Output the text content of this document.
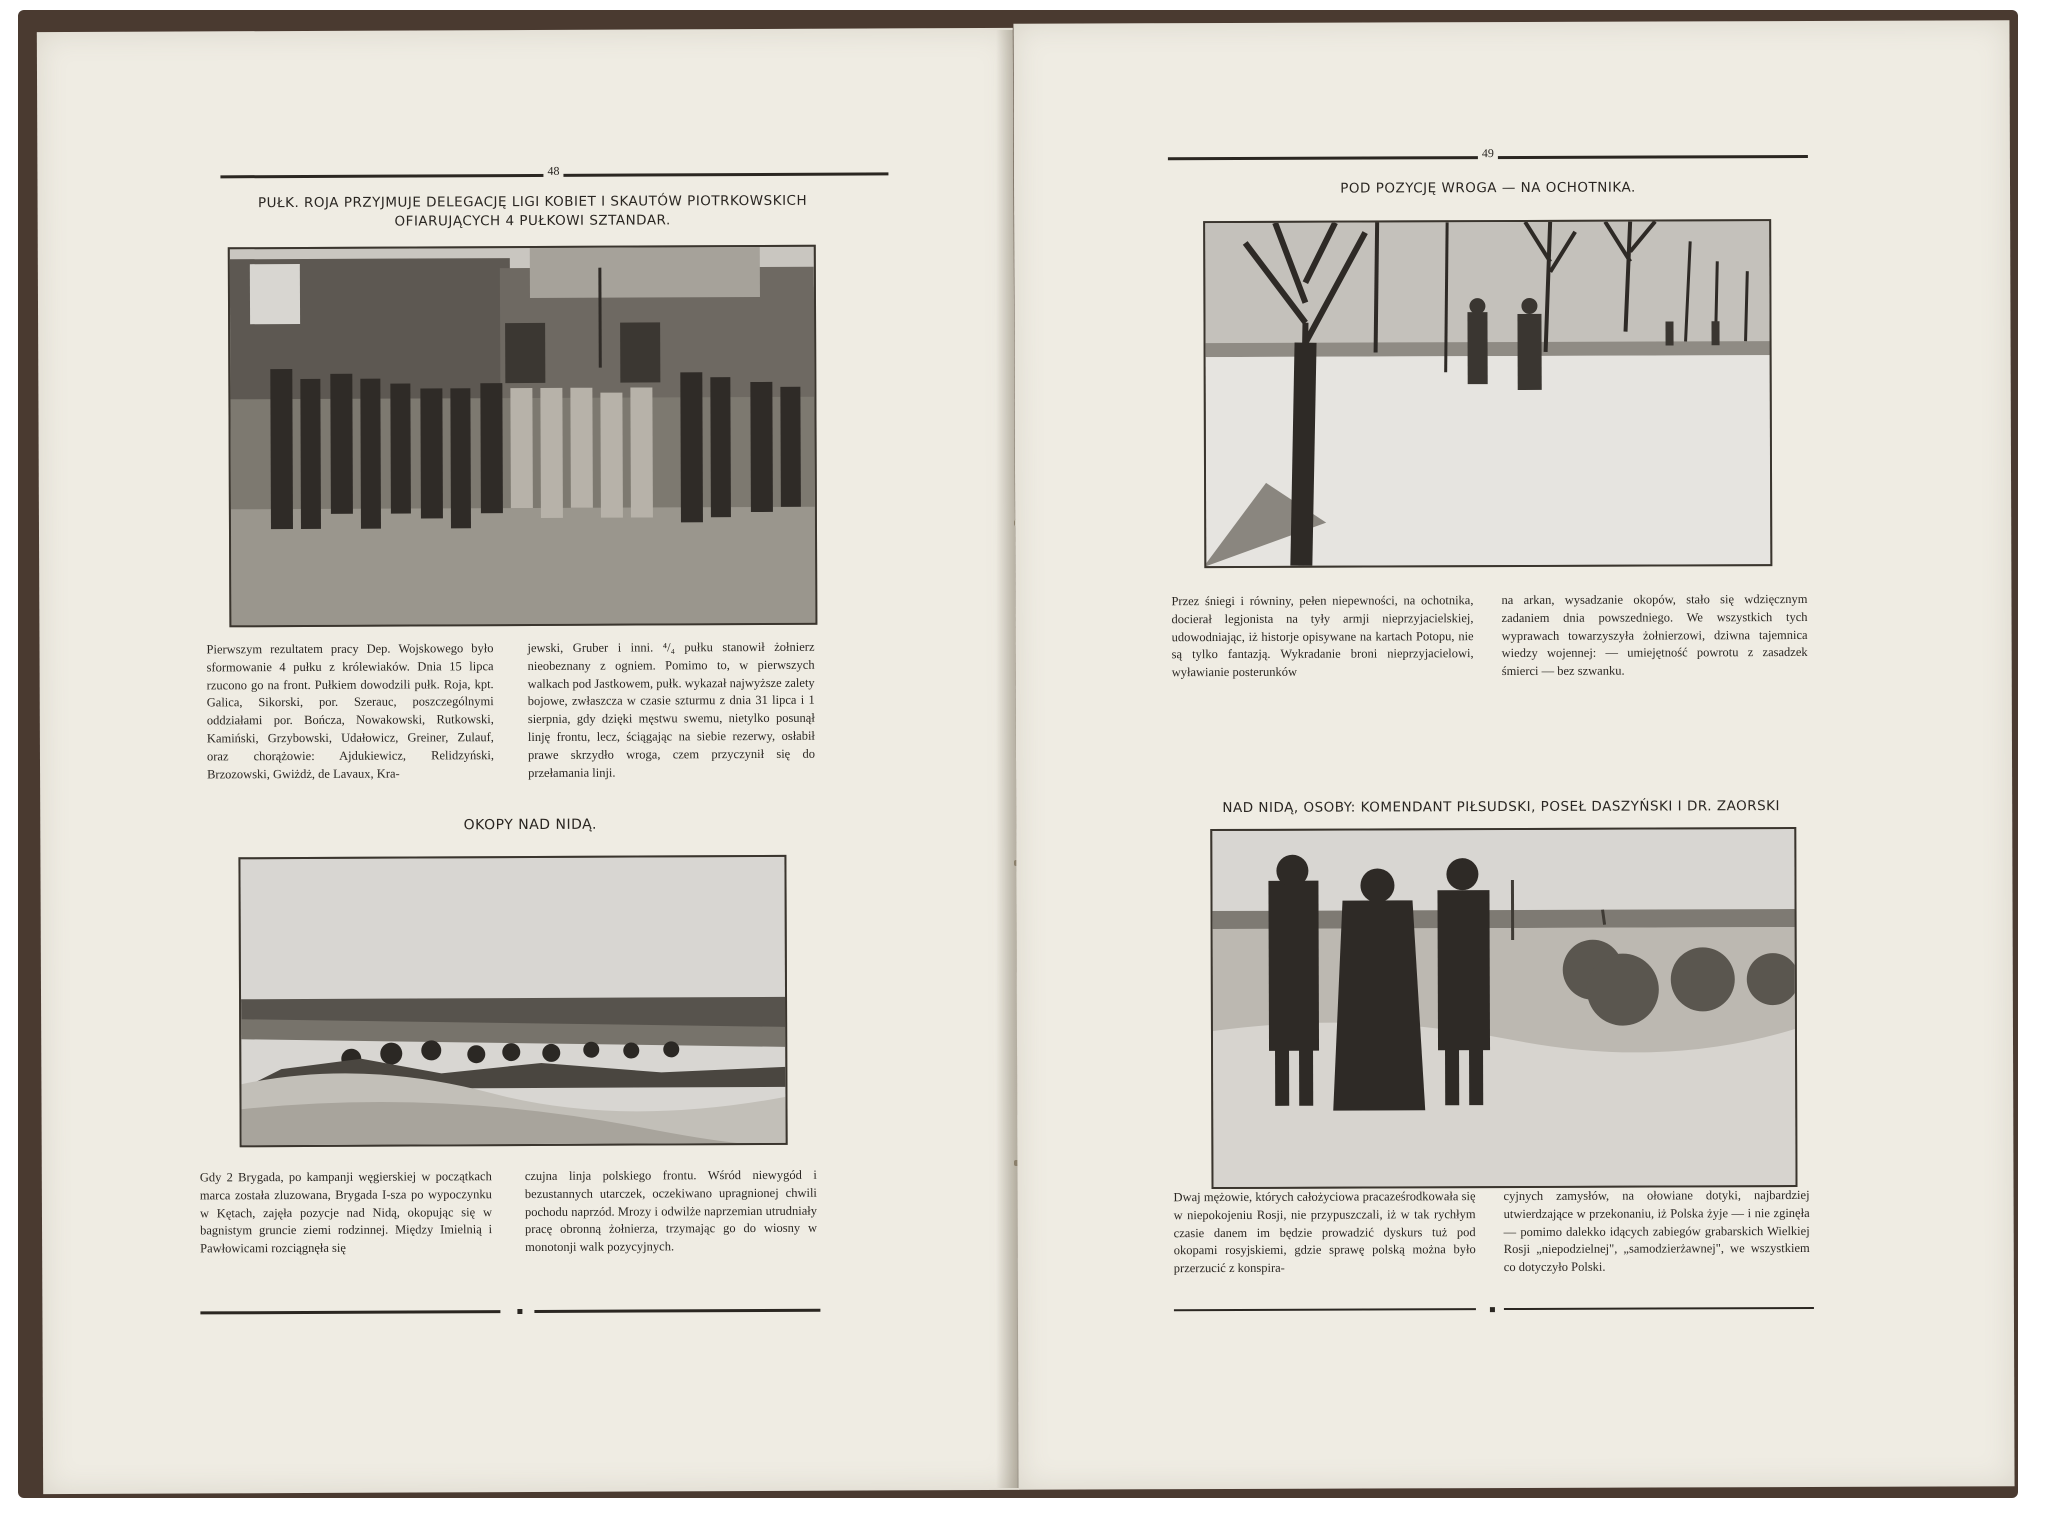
48
PUŁK. ROJA PRZYJMUJE DELEGACJĘ LIGI KOBIET I SKAUTÓW PIOTRKOWSKICH OFIARUJĄCYCH 4 PUŁKOWI SZTANDAR.
Pierwszym rezultatem pracy Dep. Wojskowego było sformowanie 4 pułku z królewiaków. Dnia 15 lipca rzucono go na front. Pułkiem dowodzili pułk. Roja, kpt. Galica, Sikorski, por. Szerauc, poszczególnymi oddziałami por. Bończa, Nowakowski, Rutkowski, Kamiński, Grzybowski, Udałowicz, Greiner, Zulauf, oraz chorążowie: Ajdukiewicz, Relidzyński, Brzozowski, Gwiżdż, de Lavaux, Kra-
jewski, Gruber i inni. ⁴/₄ pułku stanowił żołnierz nieobeznany z ogniem. Pomimo to, w pierwszych walkach pod Jastkowem, pułk. wykazał najwyższe zalety bojowe, zwłaszcza w czasie szturmu z dnia 31 lipca i 1 sierpnia, gdy dzięki męstwu swemu, nietylko posunął linję frontu, lecz, ściągając na siebie rezerwy, osłabił prawe skrzydło wroga, czem przyczynił się do przełamania linji.
OKOPY NAD NIDĄ.
Gdy 2 Brygada, po kampanji węgierskiej w początkach marca została zluzowana, Brygada I-sza po wypoczynku w Kętach, zajęła pozycje nad Nidą, okopując się w bagnistym gruncie ziemi rodzinnej. Między Imielnią i Pawłowicami rozciągnęła się
czujna linja polskiego frontu. Wśród niewygód i bezustannych utarczek, oczekiwano upragnionej chwili pochodu naprzód. Mrozy i odwilże naprzemian utrudniały pracę obronną żołnierza, trzymając go do wiosny w monotonji walk pozycyjnych.
49
POD POZYCJĘ WROGA — NA OCHOTNIKA.
Przez śniegi i równiny, pełen niepewności, na ochotnika, docierał legjonista na tyły armji nieprzyjacielskiej, udowodniając, iż historje opisywane na kartach Potopu, nie są tylko fantazją. Wykradanie broni nieprzyjacielowi, wyławianie posterunków
na arkan, wysadzanie okopów, stało się wdzięcznym zadaniem dnia powszedniego. We wszystkich tych wyprawach towarzyszyła żołnierzowi, dziwna tajemnica wiedzy wojennej: — umiejętność powrotu z zasadzek śmierci — bez szwanku.
NAD NIDĄ, OSOBY: KOMENDANT PIŁSUDSKI, POSEŁ DASZYŃSKI I DR. ZAORSKI
Dwaj mężowie, których całożyciowa pracaześrodkowała się w niepokojeniu Rosji, nie przypuszczali, iż w tak rychłym czasie danem im będzie prowadzić dyskurs tuż pod okopami rosyjskiemi, gdzie sprawę polską można było przerzucić z konspira-
cyjnych zamysłów, na ołowiane dotyki, najbardziej utwierdzające w przekonaniu, iż Polska żyje — i nie zginęła — pomimo dalekko idących zabiegów grabarskich Wielkiej Rosji „niepodzielnej", „samodzierżawnej", we wszystkiem co dotyczyło Polski.
